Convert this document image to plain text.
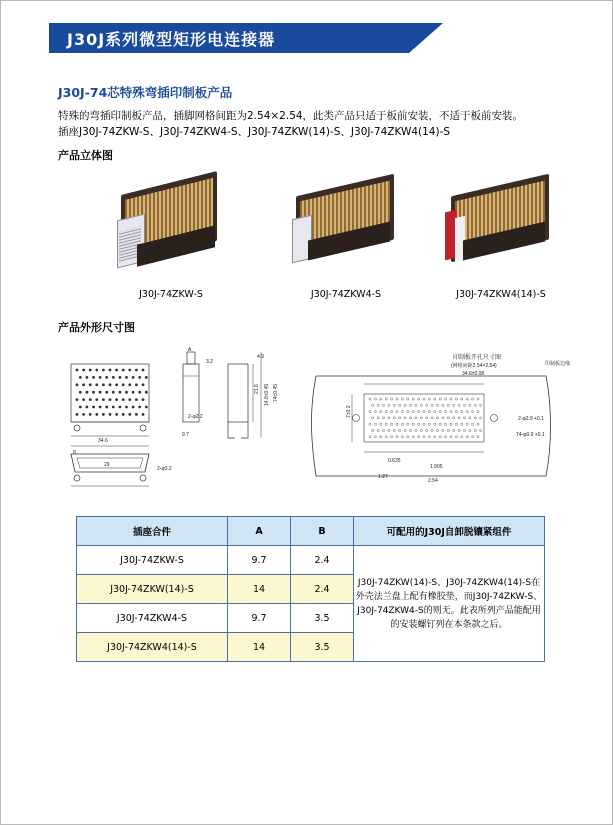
J30J系列微型矩形电连接器
J30J-74芯特殊弯插印制板产品
特殊的弯插印制板产品，插脚网格间距为2.54×2.54，此类产品只适于板前安装，不适于板前安装。
插座J30J-74ZKW-S、J30J-74ZKW4-S、J30J-74ZKW(14)-S、J30J-74ZKW4(14)-S
产品立体图
J30J-74ZKW-S	J30J-74ZKW4-S	J30J-74ZKW4(14)-S
产品外形尺寸图
A
3.2
4.9
21.6
2-φ2.2
9.7
34.6
8
29
2-φ3.2
74±0.45
14.8±0.45
印制板开孔尺寸图
(网格间距2.54×2.54)
34.6±0.08
印制板边缘
2-φ2.9 +0.1
74-φ0.9 +0.1
0.635
1.27
1.905
2.54
7±0.2
插座合件	A	B	可配用的J30J自卸脱镶紧组件
J30J-74ZKW-S	9.7	2.4	J30J-74ZKW(14)-S、J30J-74ZKW4(14)-S在外壳法兰盘上配有橡胶垫，而J30J-74ZKW-S、J30J-74ZKW4-S的则无。此表所列产品能配用的安装螺钉列在本条款之后。
J30J-74ZKW(14)-S	14	2.4	
J30J-74ZKW4-S	9.7	3.5	
J30J-74ZKW4(14)-S	14	3.5	
